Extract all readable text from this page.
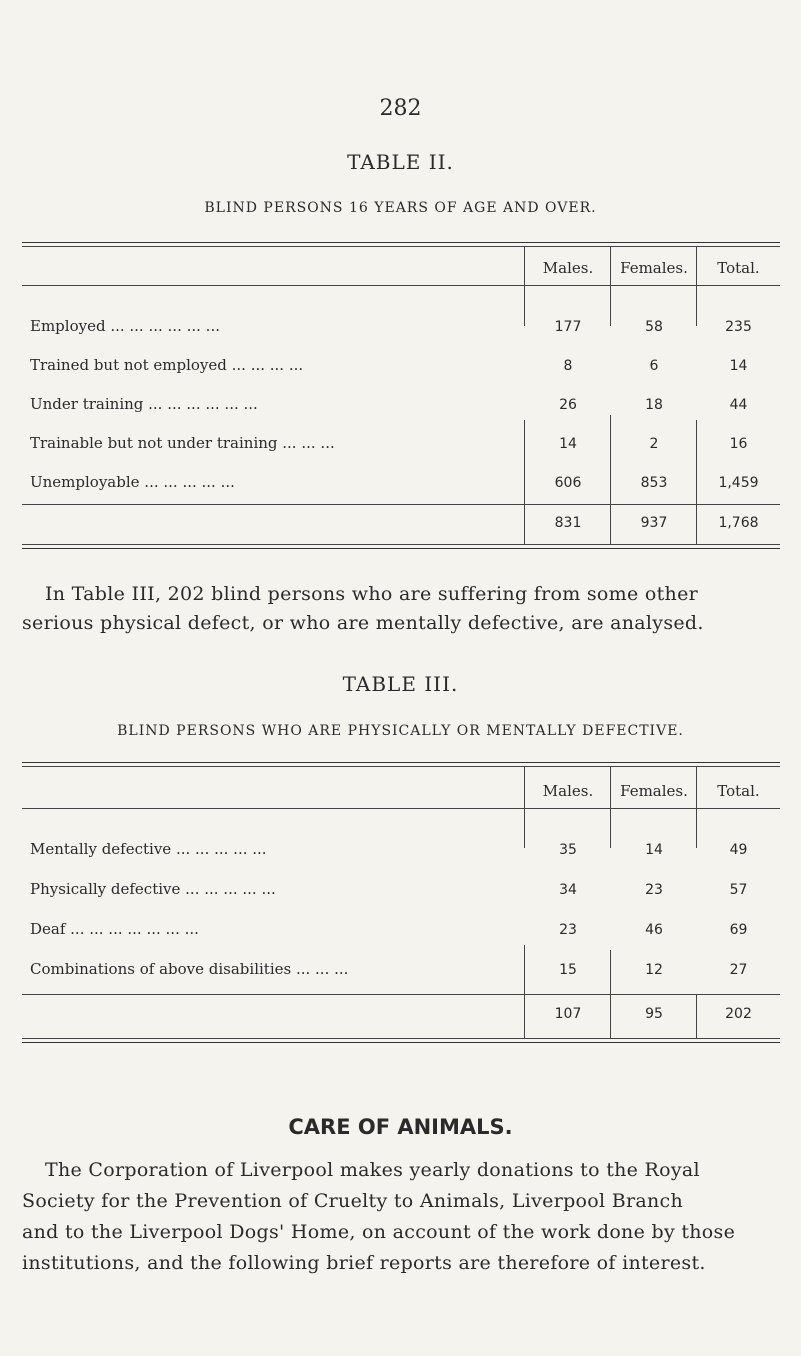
282
TABLE II.
BLIND PERSONS 16 YEARS OF AGE AND OVER.
Males.	Females.	Total.
Employed ... ... ... ... ... ...	177	58	235
Trained but not employed ... ... ... ...	8	6	14
Under training ... ... ... ... ... ...	26	18	44
Trainable but not under training ... ... ...	14	2	16
Unemployable ... ... ... ... ...	606	853	1,459
831	937	1,768
In Table III, 202 blind persons who are suffering from some other
serious physical defect, or who are mentally defective, are analysed.
TABLE III.
BLIND PERSONS WHO ARE PHYSICALLY OR MENTALLY DEFECTIVE.
Males.	Females.	Total.
Mentally defective ... ... ... ... ...	35	14	49
Physically defective ... ... ... ... ...	34	23	57
Deaf ... ... ... ... ... ... ...	23	46	69
Combinations of above disabilities ... ... ...	15	12	27
107	95	202
CARE OF ANIMALS.
The Corporation of Liverpool makes yearly donations to the Royal
Society for the Prevention of Cruelty to Animals, Liverpool Branch
and to the Liverpool Dogs' Home, on account of the work done by those
institutions, and the following brief reports are therefore of interest.
